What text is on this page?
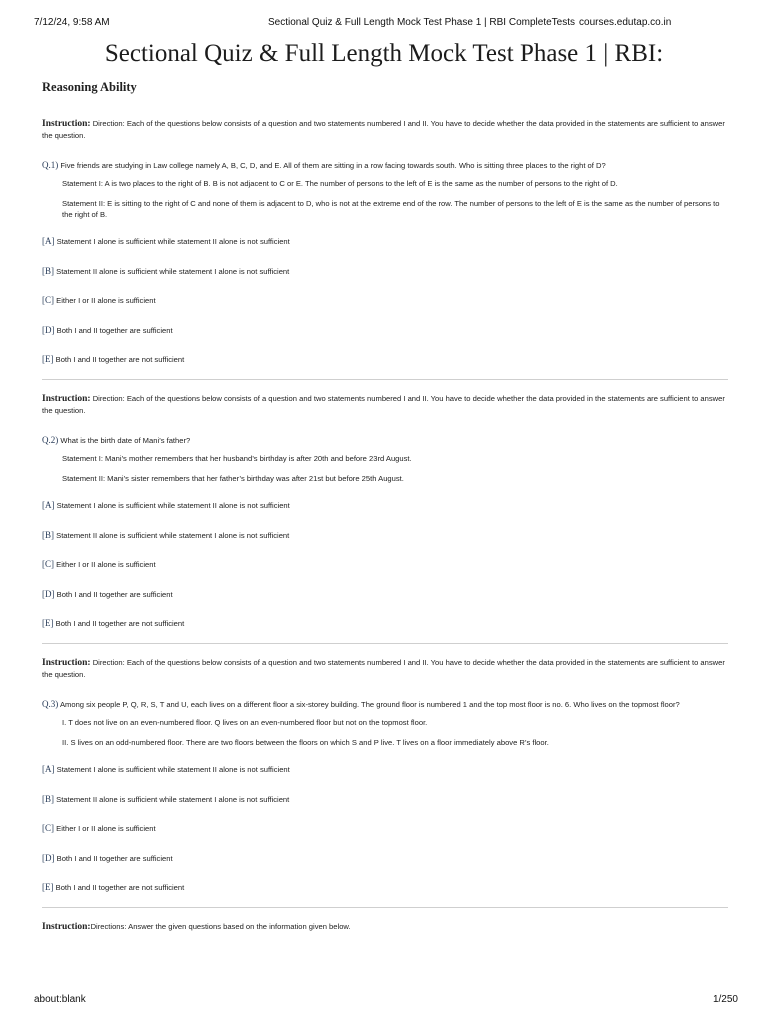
7/12/24, 9:58 AM	Sectional Quiz & Full Length Mock Test Phase 1 | RBI CompleteTests courses.edutap.co.in
Sectional Quiz & Full Length Mock Test Phase 1 | RBI:
Reasoning Ability

Instruction: Direction: Each of the questions below consists of a question and two statements numbered I and II. You have to decide whether the data provided in the statements are sufficient to answer the question.

Q.1) Five friends are studying in Law college namely A, B, C, D, and E. All of them are sitting in a row facing towards south. Who is sitting three places to the right of D?

Statement I: A is two places to the right of B. B is not adjacent to C or E. The number of persons to the left of E is the same as the number of persons to the right of D.

Statement II: E is sitting to the right of C and none of them is adjacent to D, who is not at the extreme end of the row. The number of persons to the left of E is the same as the number of persons to the right of B.

[A] Statement I alone is sufficient while statement II alone is not sufficient

[B] Statement II alone is sufficient while statement I alone is not sufficient

[C] Either I or II alone is sufficient

[D] Both I and II together are sufficient

[E] Both I and II together are not sufficient

Instruction: Direction: Each of the questions below consists of a question and two statements numbered I and II. You have to decide whether the data provided in the statements are sufficient to answer the question.

Q.2) What is the birth date of Mani’s father?

Statement I: Mani’s mother remembers that her husband’s birthday is after 20th and before 23rd August.

Statement II: Mani’s sister remembers that her father’s birthday was after 21st but before 25th August.

[A] Statement I alone is sufficient while statement II alone is not sufficient

[B] Statement II alone is sufficient while statement I alone is not sufficient

[C] Either I or II alone is sufficient

[D] Both I and II together are sufficient

[E] Both I and II together are not sufficient

Instruction: Direction: Each of the questions below consists of a question and two statements numbered I and II. You have to decide whether the data provided in the statements are sufficient to answer the question.

Q.3) Among six people P, Q, R, S, T and U, each lives on a different floor a six-storey building. The ground floor is numbered 1 and the top most floor is no. 6. Who lives on the topmost floor?

I. T does not live on an even-numbered floor. Q lives on an even-numbered floor but not on the topmost floor.

II. S lives on an odd-numbered floor. There are two floors between the floors on which S and P live. T lives on a floor immediately above R’s floor.

[A] Statement I alone is sufficient while statement II alone is not sufficient

[B] Statement II alone is sufficient while statement I alone is not sufficient

[C] Either I or II alone is sufficient

[D] Both I and II together are sufficient

[E] Both I and II together are not sufficient

Instruction:Directions: Answer the given questions based on the information given below.

about:blank	1/250
